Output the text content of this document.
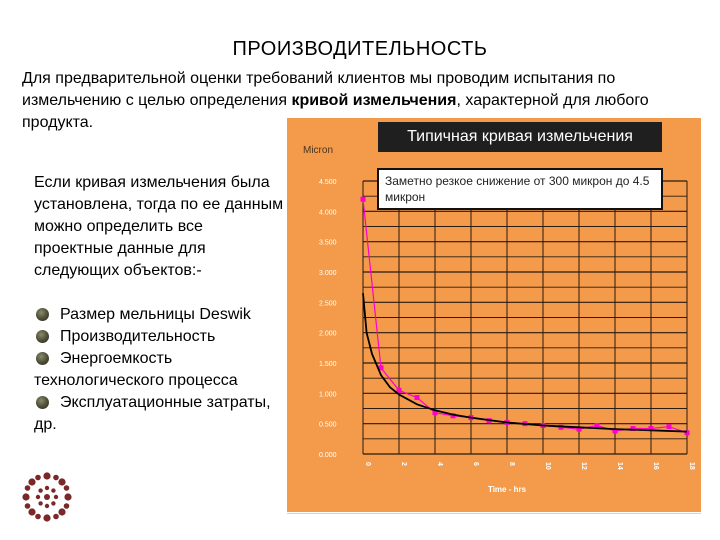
ПРОИЗВОДИТЕЛЬНОСТЬ
Для предварительной оценки требований клиентов мы проводим испытания по измельчению с целью определения кривой измельчения, характерной для любого продукта.
Если кривая измельчения была установлена, тогда по ее данным можно определить все проектные данные для следующих объектов:-
Размер мельницы Deswik
Производительность
Энергоемкость технологического процесса
Эксплуатационные затраты, др.
Micron
Time - hrs
0.000
0.500
1.000
1.500
2.000
2.500
3.000
3.500
4.000
4.500
0	2	4	6	8	10	12	14	16	18
Типичная кривая измельчения
Заметно резкое снижение от 300 микрон до 4.5 микрон
